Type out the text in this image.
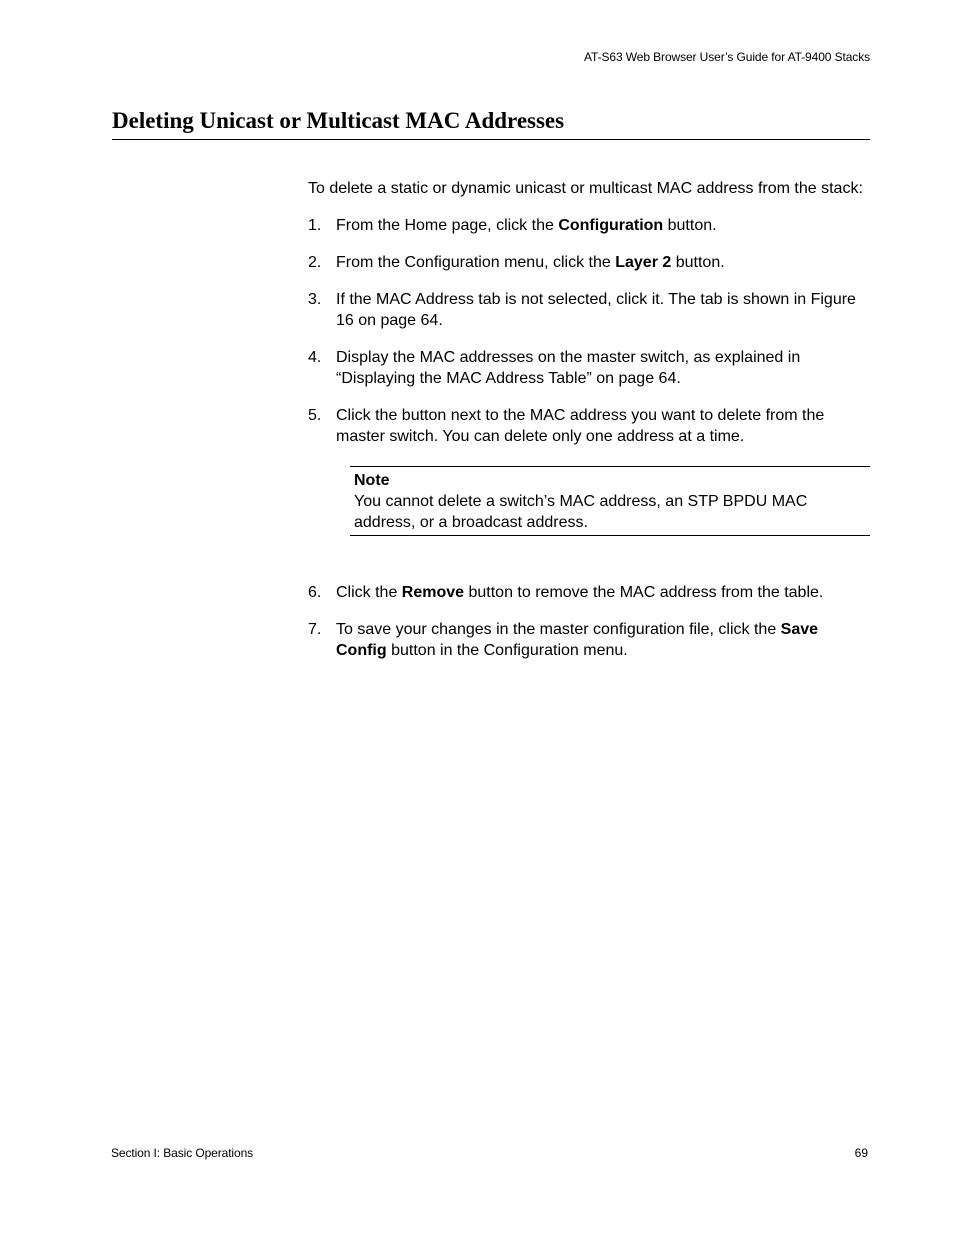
AT-S63 Web Browser User’s Guide for AT-9400 Stacks
Deleting Unicast or Multicast MAC Addresses

To delete a static or dynamic unicast or multicast MAC address from the stack:

1. From the Home page, click the Configuration button.
2. From the Configuration menu, click the Layer 2 button.
3. If the MAC Address tab is not selected, click it. The tab is shown in Figure 16 on page 64.
4. Display the MAC addresses on the master switch, as explained in “Displaying the MAC Address Table” on page 64.
5. Click the button next to the MAC address you want to delete from the master switch. You can delete only one address at a time.
Note
You cannot delete a switch’s MAC address, an STP BPDU MAC address, or a broadcast address.
6. Click the Remove button to remove the MAC address from the table.
7. To save your changes in the master configuration file, click the Save Config button in the Configuration menu.
Section I: Basic Operations	69
